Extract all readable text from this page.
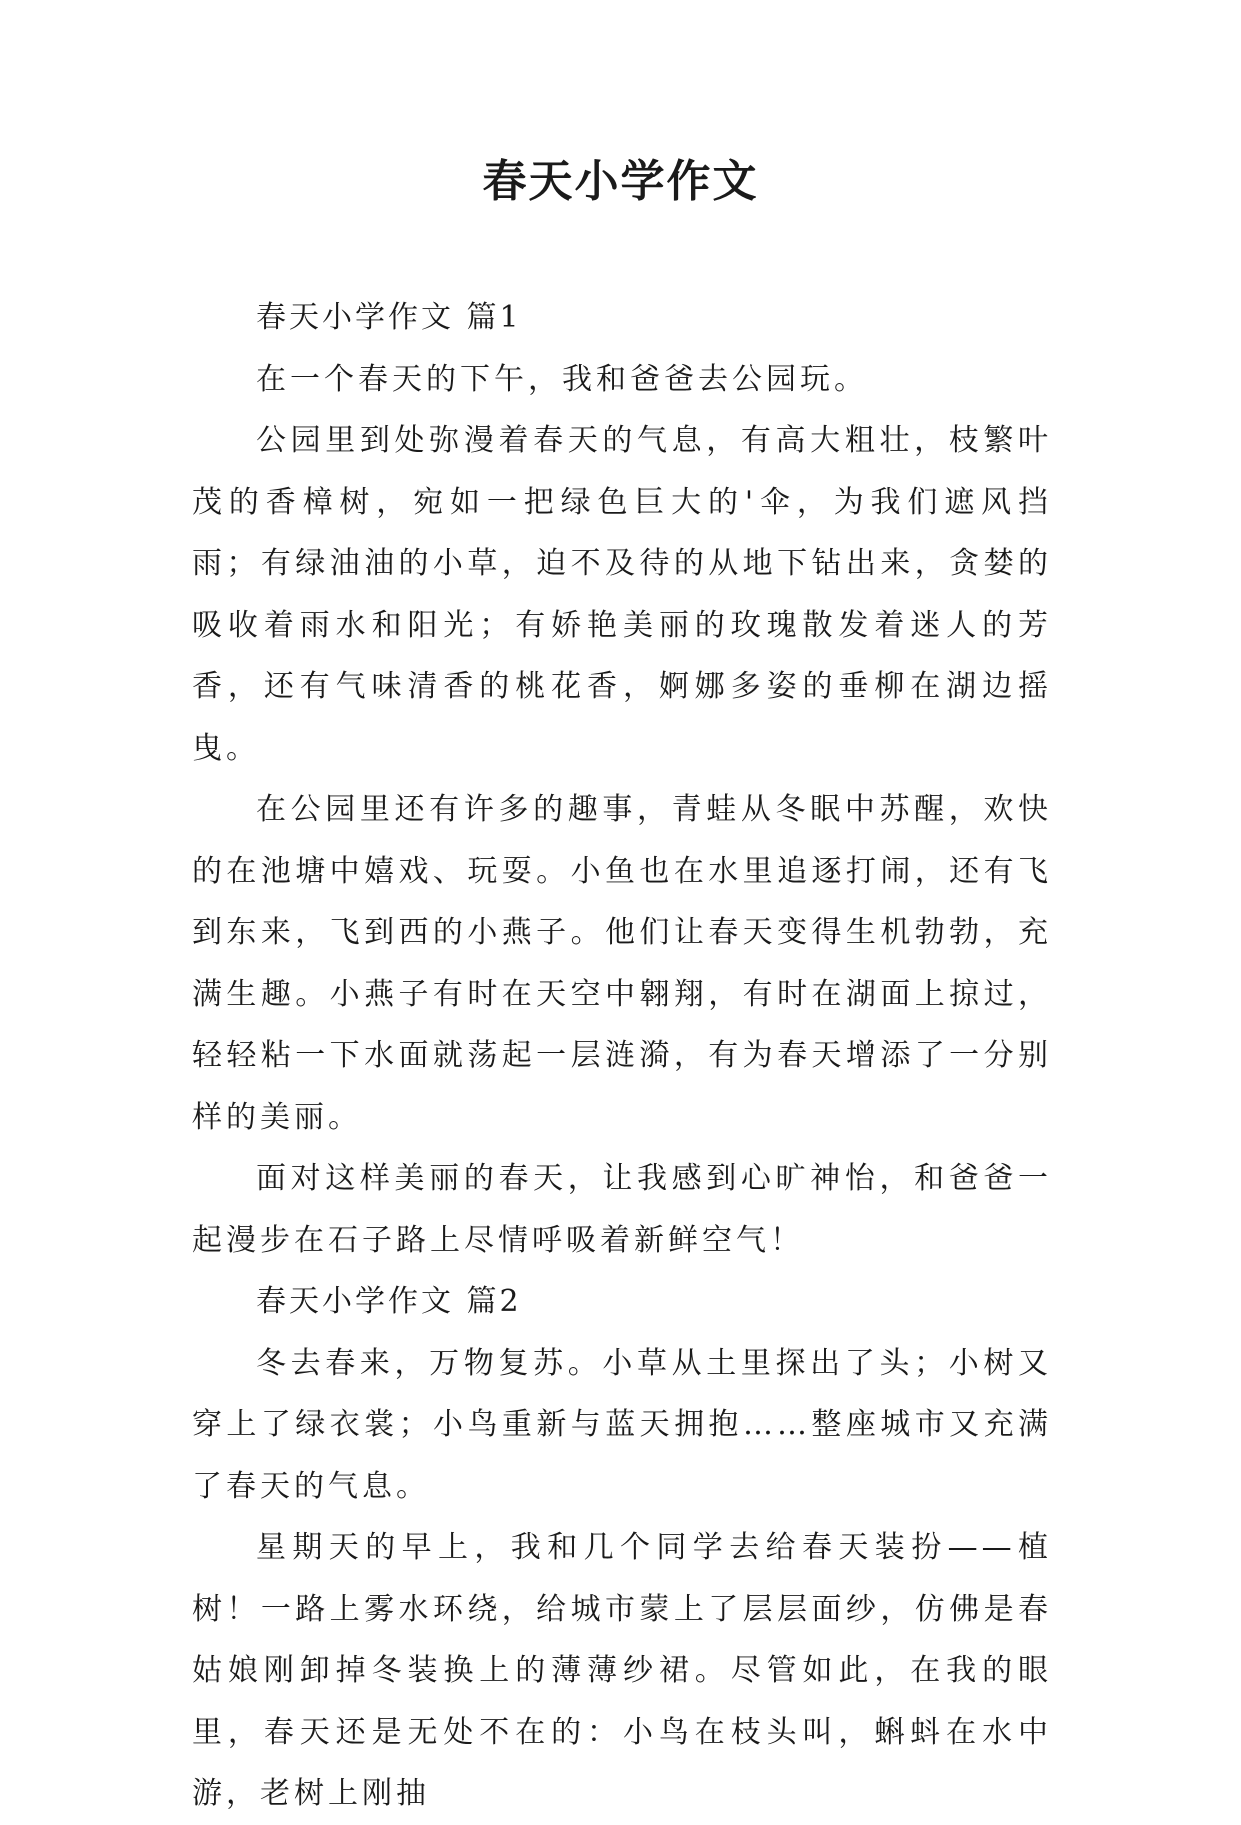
春天小学作文

春天小学作文 篇1

在一个春天的下午，我和爸爸去公园玩。

公园里到处弥漫着春天的气息，有高大粗壮，枝繁叶茂的香樟树，宛如一把绿色巨大的'伞，为我们遮风挡雨；有绿油油的小草，迫不及待的从地下钻出来，贪婪的吸收着雨水和阳光；有娇艳美丽的玫瑰散发着迷人的芳香，还有气味清香的桃花香，婀娜多姿的垂柳在湖边摇曳。

在公园里还有许多的趣事，青蛙从冬眠中苏醒，欢快的在池塘中嬉戏、玩耍。小鱼也在水里追逐打闹，还有飞到东来，飞到西的小燕子。他们让春天变得生机勃勃，充满生趣。小燕子有时在天空中翱翔，有时在湖面上掠过，轻轻粘一下水面就荡起一层涟漪，有为春天增添了一分别样的美丽。

面对这样美丽的春天，让我感到心旷神怡，和爸爸一起漫步在石子路上尽情呼吸着新鲜空气！

春天小学作文 篇2

冬去春来，万物复苏。小草从土里探出了头；小树又穿上了绿衣裳；小鸟重新与蓝天拥抱……整座城市又充满了春天的气息。

星期天的早上，我和几个同学去给春天装扮——植树！一路上雾水环绕，给城市蒙上了层层面纱，仿佛是春姑娘刚卸掉冬装换上的薄薄纱裙。尽管如此，在我的眼里，春天还是无处不在的：小鸟在枝头叫，蝌蚪在水中游，老树上刚抽
